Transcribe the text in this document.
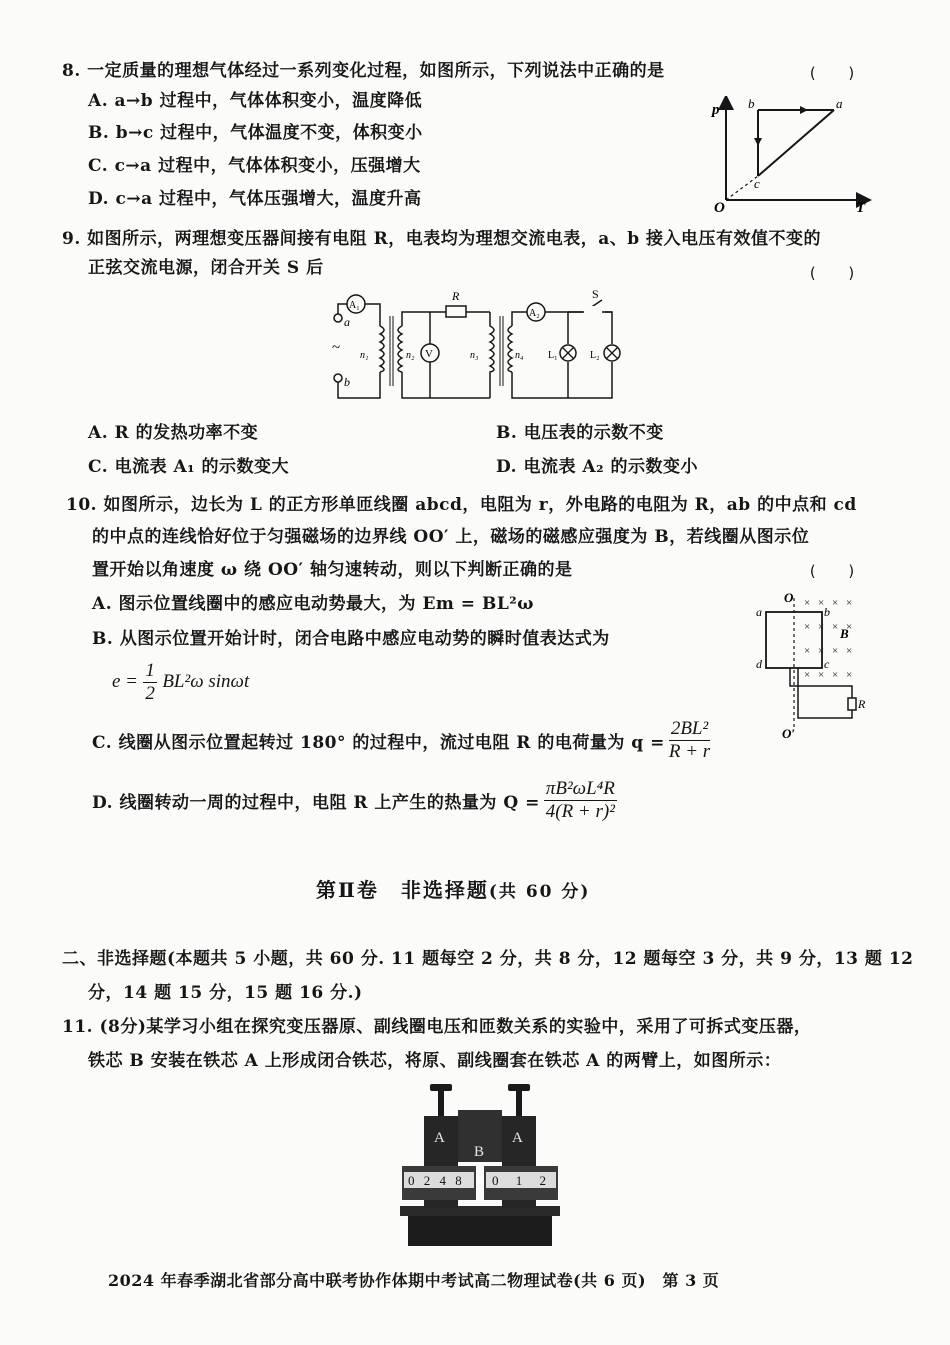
8. 一定质量的理想气体经过一系列变化过程，如图所示，下列说法中正确的是	(　　)
A. a→b 过程中，气体体积变小，温度降低
B. b→c 过程中，气体温度不变，体积变小
C. c→a 过程中，气体体积变小，压强增大
D. c→a 过程中，气体压强增大，温度升高
p
T
O
b	a
c
9. 如图所示，两理想变压器间接有电阻 R，电表均为理想交流电表，a、b 接入电压有效值不变的
正弦交流电源，闭合开关 S 后	(　　)
a
b
~
A₁
n₁	n₂ V
R
n₃	n₄
A₂
S
L₁	L₂
A. R 的发热功率不变	B. 电压表的示数不变
C. 电流表 A₁ 的示数变大	D. 电流表 A₂ 的示数变小
10. 如图所示，边长为 L 的正方形单匝线圈 abcd，电阻为 r，外电路的电阻为 R，ab 的中点和 cd
的中点的连线恰好位于匀强磁场的边界线 OO′ 上，磁场的磁感应强度为 B，若线圈从图示位
置开始以角速度 ω 绕 OO′ 轴匀速转动，则以下判断正确的是	(　　)
A. 图示位置线圈中的感应电动势最大，为 Em = BL²ω
B. 从图示位置开始计时，闭合电路中感应电动势的瞬时值表达式为
$e = \frac{1}{2} BL^2\omega$ sinωt
C. 线圈从图示位置起转过 180° 的过程中，流过电阻 R 的电荷量为 $q = \frac{\text{2BL²}}{R + r}$
D. 线圈转动一周的过程中，电阻 R 上产生的热量为 $Q = \frac{\text{πB²ωL⁴R}}{\text{4(R + r)²}}$
O
O′
× × × ×
× × × ×
× × × ×
× × × ×
B
a	b
c
d
R
第Ⅱ卷　非选择题(共 60 分)
二、非选择题(本题共 5 小题，共 60 分. 11 题每空 2 分，共 8 分，12 题每空 3 分，共 9 分，13 题 12
分，14 题 15 分，15 题 16 分.)
11. (8分)某学习小组在探究变压器原、副线圈电压和匝数关系的实验中，采用了可拆式变压器，
铁芯 B 安装在铁芯 A 上形成闭合铁芯，将原、副线圈套在铁芯 A 的两臂上，如图所示：
A
B
A
0 2 4 8 0 1 2
2024 年春季湖北省部分高中联考协作体期中考试高二物理试卷(共 6 页)　第 3 页
